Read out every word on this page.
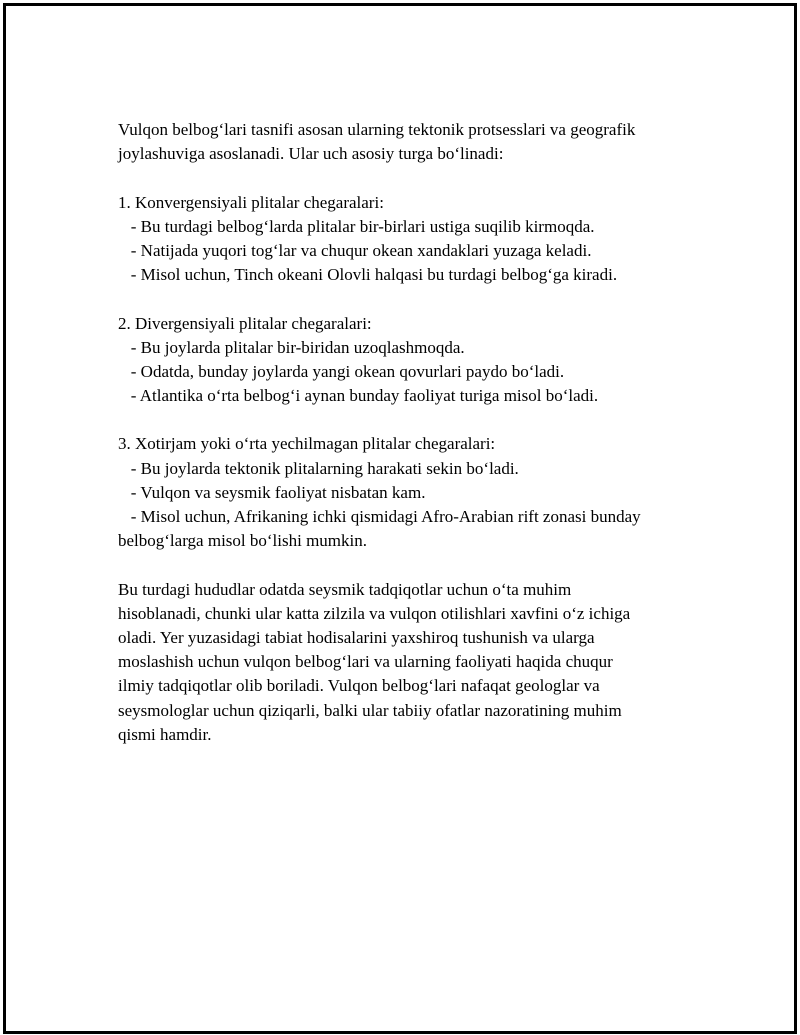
Vulqon belbog‘lari tasnifi asosan ularning tektonik protsesslari va geografik
joylashuviga asoslanadi. Ular uch asosiy turga bo‘linadi:
1. Konvergensiyali plitalar chegaralari:
- Bu turdagi belbog‘larda plitalar bir-birlari ustiga suqilib kirmoqda.
- Natijada yuqori tog‘lar va chuqur okean xandaklari yuzaga keladi.
- Misol uchun, Tinch okeani Olovli halqasi bu turdagi belbog‘ga kiradi.
2. Divergensiyali plitalar chegaralari:
- Bu joylarda plitalar bir-biridan uzoqlashmoqda.
- Odatda, bunday joylarda yangi okean qovurlari paydo bo‘ladi.
- Atlantika o‘rta belbog‘i aynan bunday faoliyat turiga misol bo‘ladi.
3. Xotirjam yoki o‘rta yechilmagan plitalar chegaralari:
- Bu joylarda tektonik plitalarning harakati sekin bo‘ladi.
- Vulqon va seysmik faoliyat nisbatan kam.
- Misol uchun, Afrikaning ichki qismidagi Afro-Arabian rift zonasi bunday
belbog‘larga misol bo‘lishi mumkin.
Bu turdagi hududlar odatda seysmik tadqiqotlar uchun o‘ta muhim
hisoblanadi, chunki ular katta zilzila va vulqon otilishlari xavfini o‘z ichiga
oladi. Yer yuzasidagi tabiat hodisalarini yaxshiroq tushunish va ularga
moslashish uchun vulqon belbog‘lari va ularning faoliyati haqida chuqur
ilmiy tadqiqotlar olib boriladi. Vulqon belbog‘lari nafaqat geologlar va
seysmologlar uchun qiziqarli, balki ular tabiiy ofatlar nazoratining muhim
qismi hamdir.
